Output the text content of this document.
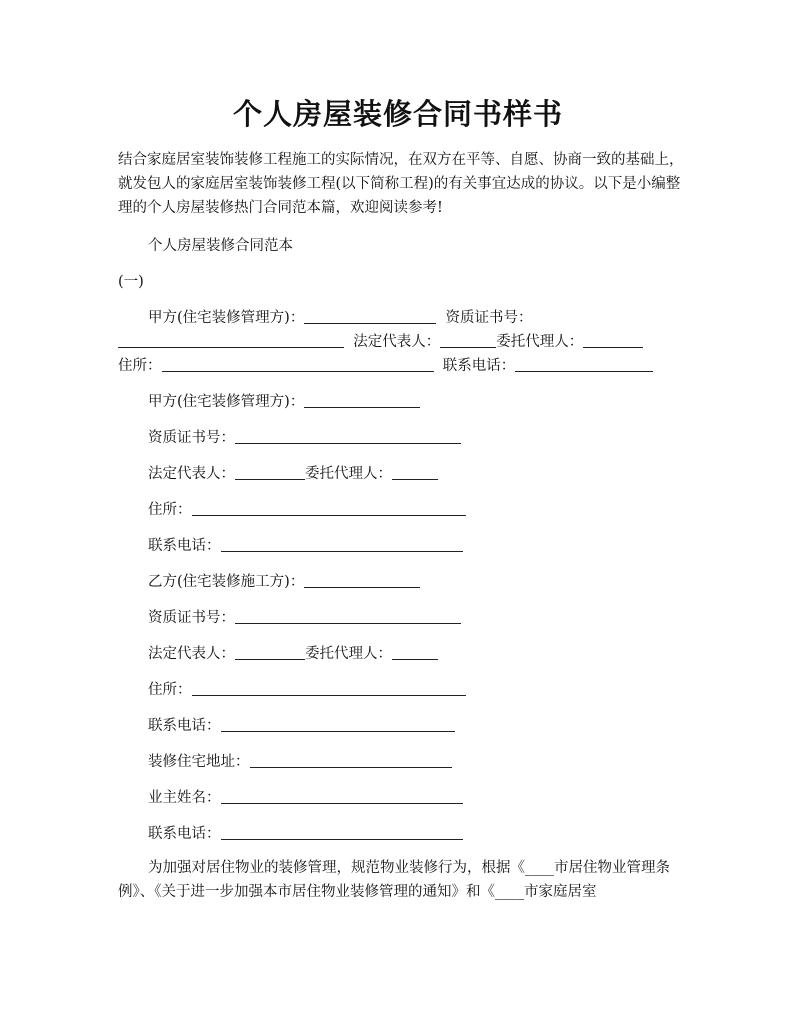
个人房屋装修合同书样书
结合家庭居室装饰装修工程施工的实际情况，在双方在平等、自愿、协商一致的基础上，就发包人的家庭居室装饰装修工程(以下简称工程)的有关事宜达成的协议。以下是小编整理的个人房屋装修热门合同范本篇，欢迎阅读参考!
个人房屋装修合同范本
(一)
甲方(住宅装修管理方)：	资质证书号：
法定代表人：	委托代理人：
住所：	联系电话：
甲方(住宅装修管理方)：
资质证书号：
法定代表人：	委托代理人：
住所：
联系电话：
乙方(住宅装修施工方)：
资质证书号：
法定代表人：	委托代理人：
住所：
联系电话：
装修住宅地址：
业主姓名：
联系电话：
为加强对居住物业的装修管理，规范物业装修行为，根据《____市居住物业管理条例》、《关于进一步加强本市居住物业装修管理的通知》和《____市家庭居室
